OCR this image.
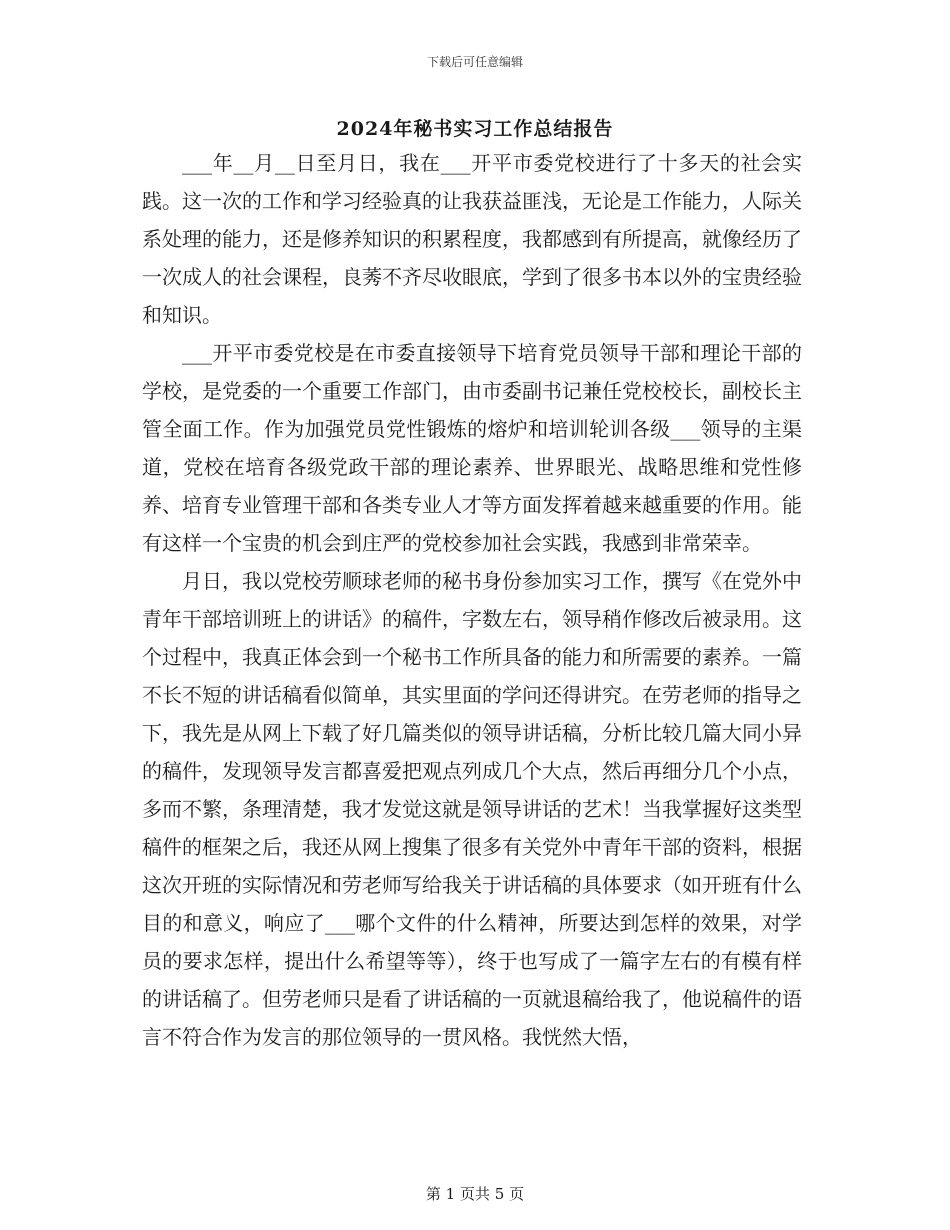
下载后可任意编辑
2024年秘书实习工作总结报告

___年__月__日至月日，我在___开平市委党校进行了十多天的社会实践。这一次的工作和学习经验真的让我获益匪浅，无论是工作能力，人际关系处理的能力，还是修养知识的积累程度，我都感到有所提高，就像经历了一次成人的社会课程，良莠不齐尽收眼底，学到了很多书本以外的宝贵经验和知识。

___开平市委党校是在市委直接领导下培育党员领导干部和理论干部的学校，是党委的一个重要工作部门，由市委副书记兼任党校校长，副校长主管全面工作。作为加强党员党性锻炼的熔炉和培训轮训各级___领导的主渠道，党校在培育各级党政干部的理论素养、世界眼光、战略思维和党性修养、培育专业管理干部和各类专业人才等方面发挥着越来越重要的作用。能有这样一个宝贵的机会到庄严的党校参加社会实践，我感到非常荣幸。

月日，我以党校劳顺球老师的秘书身份参加实习工作，撰写《在党外中青年干部培训班上的讲话》的稿件，字数左右，领导稍作修改后被录用。这个过程中，我真正体会到一个秘书工作所具备的能力和所需要的素养。一篇不长不短的讲话稿看似简单，其实里面的学问还得讲究。在劳老师的指导之下，我先是从网上下载了好几篇类似的领导讲话稿，分析比较几篇大同小异的稿件，发现领导发言都喜爱把观点列成几个大点，然后再细分几个小点，多而不繁，条理清楚，我才发觉这就是领导讲话的艺术！当我掌握好这类型稿件的框架之后，我还从网上搜集了很多有关党外中青年干部的资料，根据这次开班的实际情况和劳老师写给我关于讲话稿的具体要求（如开班有什么目的和意义，响应了___哪个文件的什么精神，所要达到怎样的效果，对学员的要求怎样，提出什么希望等等），终于也写成了一篇字左右的有模有样的讲话稿了。但劳老师只是看了讲话稿的一页就退稿给我了，他说稿件的语言不符合作为发言的那位领导的一贯风格。我恍然大悟，

第 1 页共 5 页
